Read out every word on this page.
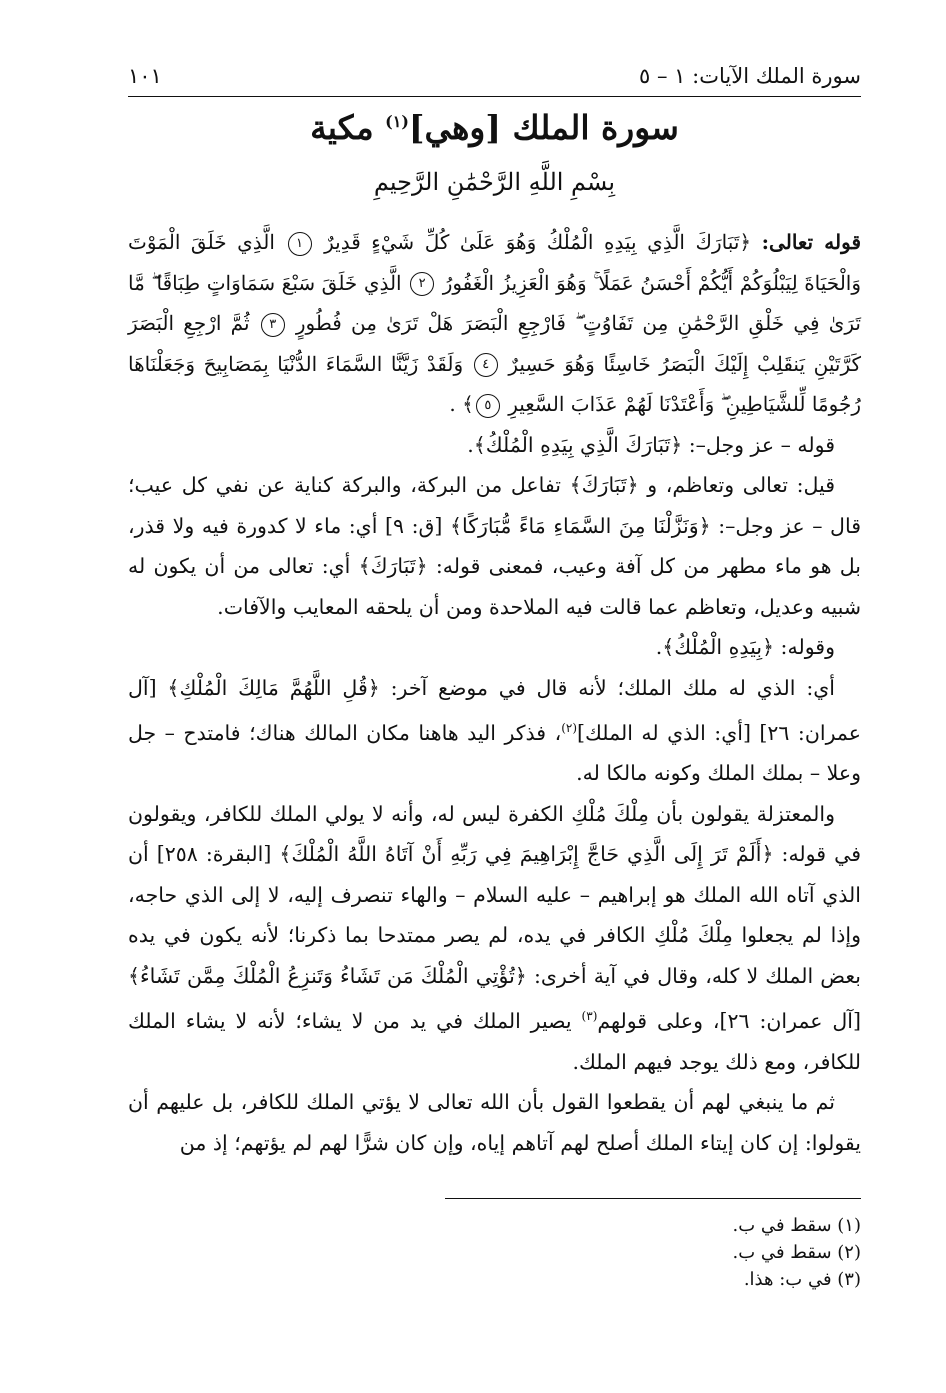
سورة الملك الآيات: ١ – ٥
١٠١
سورة الملك [وهي]$^{(١)}$ مكية
بِسْمِ اللَّهِ الرَّحْمَٰنِ الرَّحِيمِ

قوله تعالى: ﴿تَبَارَكَ الَّذِي بِيَدِهِ الْمُلْكُ وَهُوَ عَلَىٰ كُلِّ شَيْءٍ قَدِيرٌ ١ الَّذِي خَلَقَ الْمَوْتَ وَالْحَيَاةَ لِيَبْلُوَكُمْ أَيُّكُمْ أَحْسَنُ عَمَلًا ۚ وَهُوَ الْعَزِيزُ الْغَفُورُ ٢ الَّذِي خَلَقَ سَبْعَ سَمَاوَاتٍ طِبَاقًا ۖ مَّا تَرَىٰ فِي خَلْقِ الرَّحْمَٰنِ مِن تَفَاوُتٍ ۖ فَارْجِعِ الْبَصَرَ هَلْ تَرَىٰ مِن فُطُورٍ ٣ ثُمَّ ارْجِعِ الْبَصَرَ كَرَّتَيْنِ يَنقَلِبْ إِلَيْكَ الْبَصَرُ خَاسِئًا وَهُوَ حَسِيرٌ ٤ وَلَقَدْ زَيَّنَّا السَّمَاءَ الدُّنْيَا بِمَصَابِيحَ وَجَعَلْنَاهَا رُجُومًا لِّلشَّيَاطِينِ ۖ وَأَعْتَدْنَا لَهُمْ عَذَابَ السَّعِيرِ ٥﴾ .

قوله – عز وجل–: ﴿تَبَارَكَ الَّذِي بِيَدِهِ الْمُلْكُ﴾.

قيل: تعالى وتعاظم، و ﴿تَبَارَكَ﴾ تفاعل من البركة، والبركة كناية عن نفي كل عيب؛ قال – عز وجل–: ﴿وَنَزَّلْنَا مِنَ السَّمَاءِ مَاءً مُّبَارَكًا﴾ [ق: ٩] أي: ماء لا كدورة فيه ولا قذر، بل هو ماء مطهر من كل آفة وعيب، فمعنى قوله: ﴿تَبَارَكَ﴾ أي: تعالى من أن يكون له شبيه وعديل، وتعاظم عما قالت فيه الملاحدة ومن أن يلحقه المعايب والآفات.

وقوله: ﴿بِيَدِهِ الْمُلْكُ﴾.

أي: الذي له ملك الملك؛ لأنه قال في موضع آخر: ﴿قُلِ اللَّهُمَّ مَالِكَ الْمُلْكِ﴾ [آل عمران: ٢٦] [أي: الذي له الملك]$^{(٢)}$، فذكر اليد هاهنا مكان المالك هناك؛ فامتدح – جل وعلا – بملك الملك وكونه مالكا له.

والمعتزلة يقولون بأن مِلْكَ مُلْكِ الكفرة ليس له، وأنه لا يولي الملك للكافر، ويقولون في قوله: ﴿أَلَمْ تَرَ إِلَى الَّذِي حَاجَّ إِبْرَاهِيمَ فِي رَبِّهِ أَنْ آتَاهُ اللَّهُ الْمُلْكَ﴾ [البقرة: ٢٥٨] أن الذي آتاه الله الملك هو إبراهيم – عليه السلام – والهاء تنصرف إليه، لا إلى الذي حاجه، وإذا لم يجعلوا مِلْكَ مُلْكِ الكافر في يده، لم يصر ممتدحا بما ذكرنا؛ لأنه يكون في يده بعض الملك لا كله، وقال في آية أخرى: ﴿تُؤْتِي الْمُلْكَ مَن تَشَاءُ وَتَنزِعُ الْمُلْكَ مِمَّن تَشَاءُ﴾ [آل عمران: ٢٦]، وعلى قولهم$^{(٣)}$ يصير الملك في يد من لا يشاء؛ لأنه لا يشاء الملك للكافر، ومع ذلك يوجد فيهم الملك.

ثم ما ينبغي لهم أن يقطعوا القول بأن الله تعالى لا يؤتي الملك للكافر، بل عليهم أن يقولوا: إن كان إيتاء الملك أصلح لهم آتاهم إياه، وإن كان شرًّا لهم لم يؤتهم؛ إذ من

(١) سقط في ب.
(٢) سقط في ب.
(٣) في ب: هذا.
